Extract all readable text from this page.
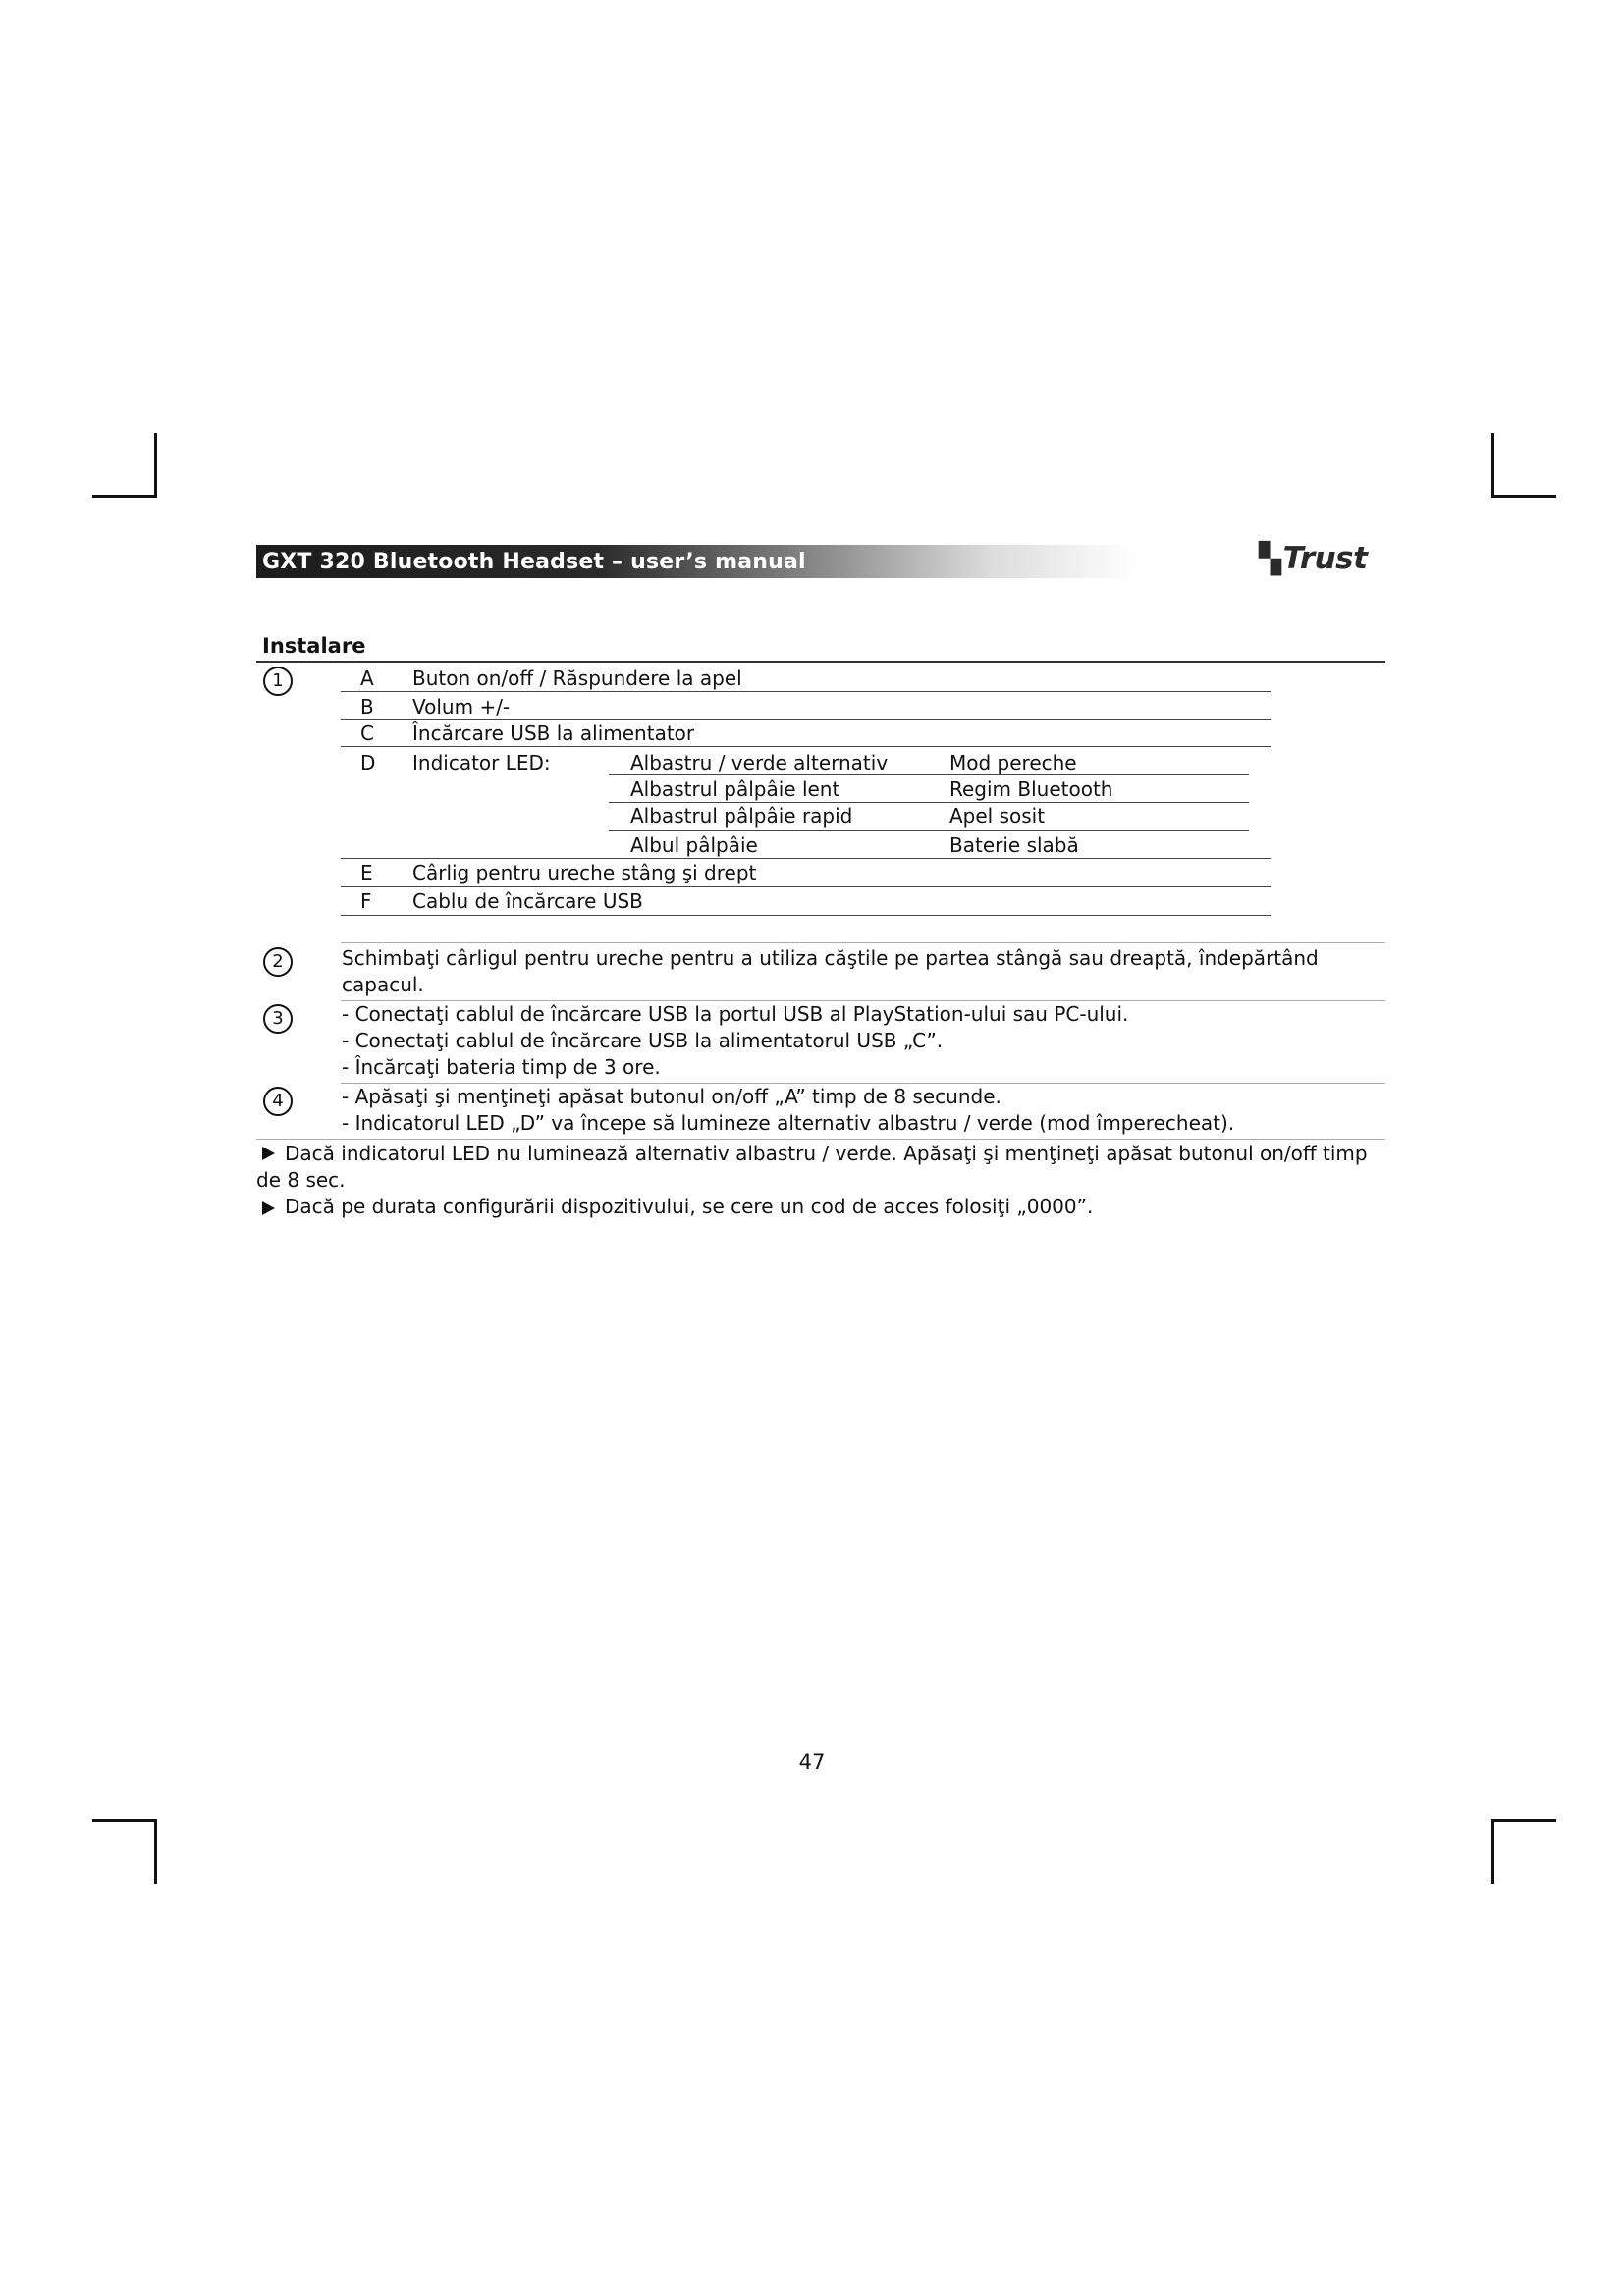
GXT 320 Bluetooth Headset – user’s manual	▚ Trust
Instalare
1	A Buton on/off / Răspundere la apel
B Volum +/-
C Încărcare USB la alimentator
D Indicator LED:	Albastru / verde alternativ	Mod pereche
Albastrul pâlpâie lent	Regim Bluetooth
Albastrul pâlpâie rapid	Apel sosit
Albul pâlpâie	Baterie slabă
E Cârlig pentru ureche stâng şi drept
F Cablu de încărcare USB
2	Schimbaţi cârligul pentru ureche pentru a utiliza căştile pe partea stângă sau dreaptă, îndepărtând
capacul.
3	- Conectaţi cablul de încărcare USB la portul USB al PlayStation-ului sau PC-ului.
- Conectaţi cablul de încărcare USB la alimentatorul USB „C”.
- Încărcaţi bateria timp de 3 ore.
4	- Apăsaţi şi menţineţi apăsat butonul on/off „A” timp de 8 secunde.
- Indicatorul LED „D” va începe să lumineze alternativ albastru / verde (mod împerecheat).
Dacă indicatorul LED nu luminează alternativ albastru / verde. Apăsaţi şi menţineţi apăsat butonul on/off timp
de 8 sec.
Dacă pe durata configurării dispozitivului, se cere un cod de acces folosiţi „0000”.
47
